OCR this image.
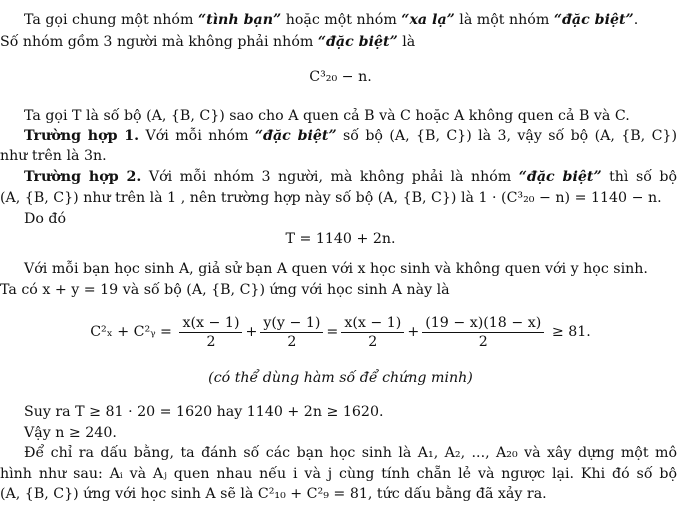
Ta gọi chung một nhóm “tình bạn” hoặc một nhóm “xa lạ” là một nhóm “đặc biệt”.
Số nhóm gồm 3 người mà không phải nhóm “đặc biệt” là
C³₂₀ − n.
Ta gọi T là số bộ (A, {B, C}) sao cho A quen cả B và C hoặc A không quen cả B và C.
Trường hợp 1. Với mỗi nhóm “đặc biệt” số bộ (A, {B, C}) là 3, vậy số bộ (A, {B, C})
như trên là 3n.
Trường hợp 2. Với mỗi nhóm 3 người, mà không phải là nhóm “đặc biệt” thì số bộ
(A, {B, C}) như trên là 1 , nên trường hợp này số bộ (A, {B, C}) là 1 · (C³₂₀ − n) = 1140 − n.
Do đó
T = 1140 + 2n.
Với mỗi bạn học sinh A, giả sử bạn A quen với x học sinh và không quen với y học sinh.
Ta có x + y = 19 và số bộ (A, {B, C}) ứng với học sinh A này là
C²ₓ + C²ᵧ = $\frac{x(x - 1)}{2} + \frac{y(y - 1)}{2} = \frac{x(x - 1)}{2} + \frac{(19 - x)(18 - x)}{2} \ge 81$.
(có thể dùng hàm số để chứng minh)
Suy ra T ≥ 81 · 20 = 1620 hay 1140 + 2n ≥ 1620.
Vậy n ≥ 240.
Để chỉ ra dấu bằng, ta đánh số các bạn học sinh là A₁, A₂, ..., A₂₀ và xây dựng một mô
hình như sau: Aᵢ và Aⱼ quen nhau nếu i và j cùng tính chẵn lẻ và ngược lại. Khi đó số bộ
(A, {B, C}) ứng với học sinh A sẽ là C²₁₀ + C²₉ = 81, tức dấu bằng đã xảy ra.
